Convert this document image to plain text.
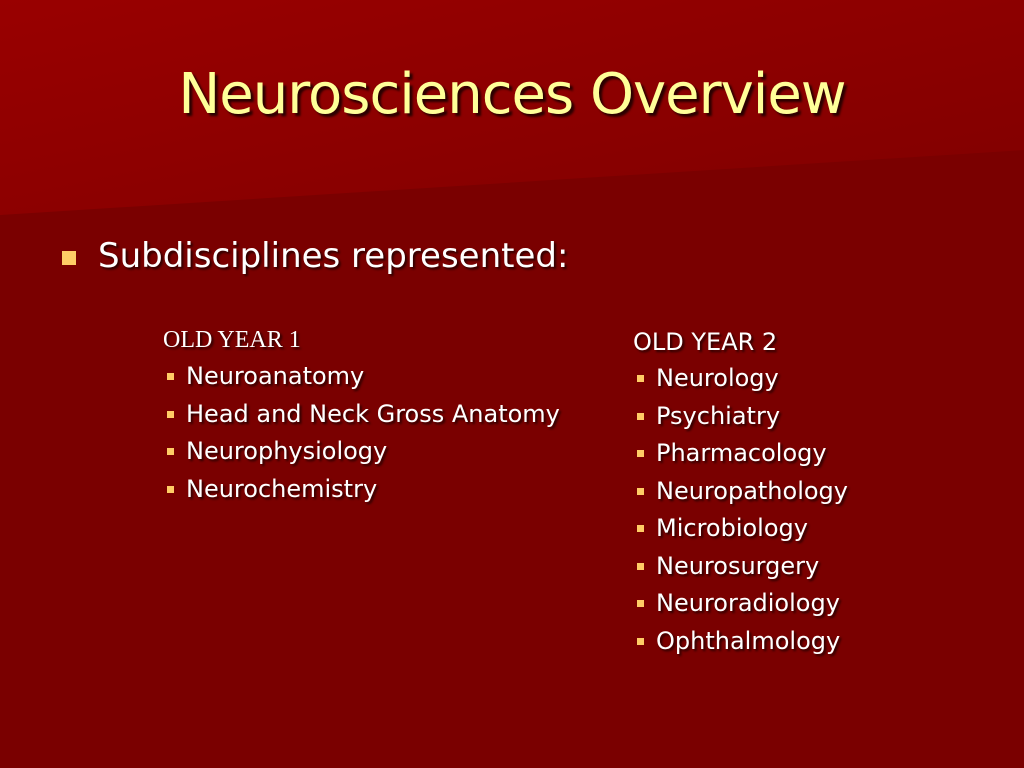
Neurosciences Overview
Subdisciplines represented:
OLD YEAR 1
Neuroanatomy
Head and Neck Gross Anatomy
Neurophysiology
Neurochemistry
OLD YEAR 2
Neurology
Psychiatry
Pharmacology
Neuropathology
Microbiology
Neurosurgery
Neuroradiology
Ophthalmology
